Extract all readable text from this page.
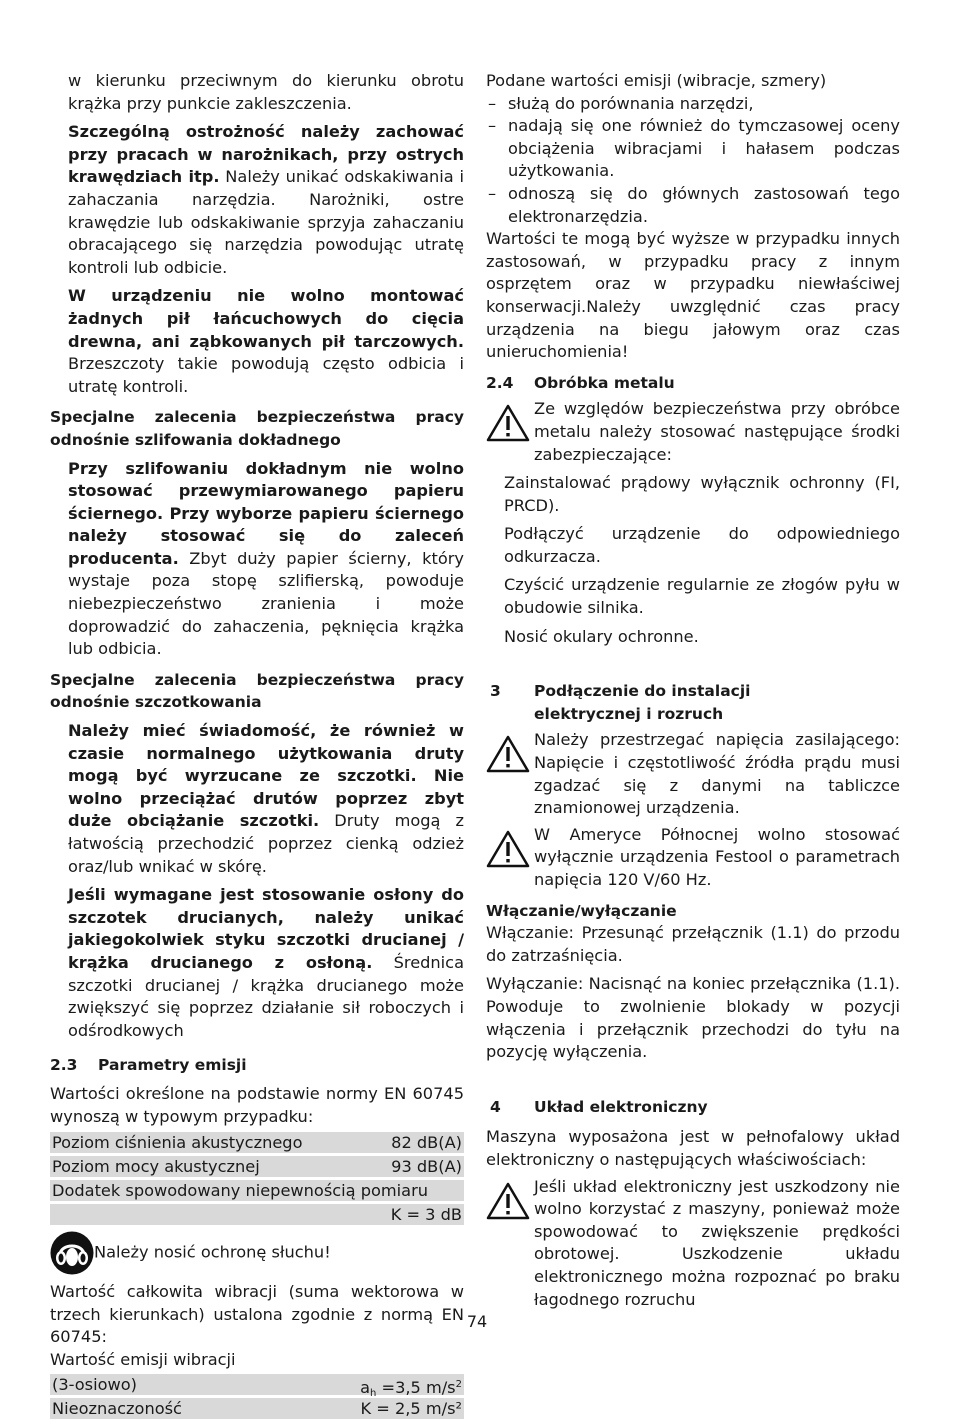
w kierunku przeciwnym do kierunku obrotu krążka przy punkcie zakleszczenia.

Szczególną ostrożność należy zachować przy pracach w narożnikach, przy ostrych krawędziach itp. Należy unikać odskakiwania i zahaczania narzędzia. Narożniki, ostre krawędzie lub odskakiwanie sprzyja zahaczaniu obracającego się narzędzia powodując utratę kontroli lub odbicie.

W urządzeniu nie wolno montować żadnych pił łańcuchowych do cięcia drewna, ani ząbkowanych pił tarczowych. Brzeszczoty takie powodują często odbicia i utratę kontroli.

Specjalne zalecenia bezpieczeństwa pracy odnośnie szlifowania dokładnego

Przy szlifowaniu dokładnym nie wolno stosować przewymiarowanego papieru ściernego. Przy wyborze papieru ściernego należy stosować się do zaleceń producenta. Zbyt duży papier ścierny, który wystaje poza stopę szlifierską, powoduje niebezpieczeństwo zranienia i może doprowadzić do zahaczenia, pęknięcia krążka lub odbicia.

Specjalne zalecenia bezpieczeństwa pracy odnośnie szczotkowania

Należy mieć świadomość, że również w czasie normalnego użytkowania druty mogą być wyrzucane ze szczotki. Nie wolno przeciążać drutów poprzez zbyt duże obciążanie szczotki. Druty mogą z łatwością przechodzić poprzez cienką odzież oraz/lub wnikać w skórę.

Jeśli wymagane jest stosowanie osłony do szczotek drucianych, należy unikać jakiegokolwiek styku szczotki drucianej / krążka drucianego z osłoną. Średnica szczotki drucianej / krążka drucianego może zwiększyć się poprzez działanie sił roboczych i odśrodkowych

2.3 Parametry emisji

Wartości określone na podstawie normy EN 60745 wynoszą w typowym przypadku:

Poziom ciśnienia akustycznego	82 dB(A)
Poziom mocy akustycznej	93 dB(A)
Dodatek spowodowany niepewnością pomiaru
K = 3 dB
Należy nosić ochronę słuchu!

Wartość całkowita wibracji (suma wektorowa w trzech kierunkach) ustalona zgodnie z normą EN 60745:

Wartość emisji wibracji

(3-osiowo)	$a_h =3,5$ $m/s^2$
Nieoznaczoność	K = 2,5 m/s²

Podane wartości emisji (wibracje, szmery)

– służą do porównania narzędzi,

– nadają się one również do tymczasowej oceny obciążenia wibracjami i hałasem podczas użytkowania.

– odnoszą się do głównych zastosowań tego elektronarzędzia.

Wartości te mogą być wyższe w przypadku innych zastosowań, w przypadku pracy z innym osprzętem oraz w przypadku niewłaściwej konserwacji.Należy uwzględnić czas pracy urządzenia na biegu jałowym oraz czas unieruchomienia!

2.4 Obróbka metalu

Ze względów bezpieczeństwa przy obróbce metalu należy stosować następujące środki zabezpieczające:

Zainstalować prądowy wyłącznik ochronny (FI, PRCD).

Podłączyć urządzenie do odpowiedniego odkurzacza.

Czyścić urządzenie regularnie ze złogów pyłu w obudowie silnika.

Nosić okulary ochronne.

3	Podłączenie do instalacji elektrycznej i rozruch

Należy przestrzegać napięcia zasilającego: Napięcie i częstotliwość źródła prądu musi zgadzać się z danymi na tabliczce znamionowej urządzenia.

W Ameryce Północnej wolno stosować wyłącznie urządzenia Festool o parametrach napięcia 120 V/60 Hz.

Włączanie/wyłączanie

Włączanie: Przesunąć przełącznik (1.1) do przodu do zatrzaśnięcia.

Wyłączanie: Nacisnąć na koniec przełącznika (1.1). Powoduje to zwolnienie blokady w pozycji włączenia i przełącznik przechodzi do tyłu na pozycję wyłączenia.

4 Układ elektroniczny

Maszyna wyposażona jest w pełnofalowy układ elektroniczny o następujących właściwościach:

Jeśli układ elektroniczny jest uszkodzony nie wolno korzystać z maszyny, ponieważ może spowodować to zwiększenie prędkości obrotowej. Uszkodzenie układu elektronicznego można rozpoznać po braku łagodnego rozruchu

74
